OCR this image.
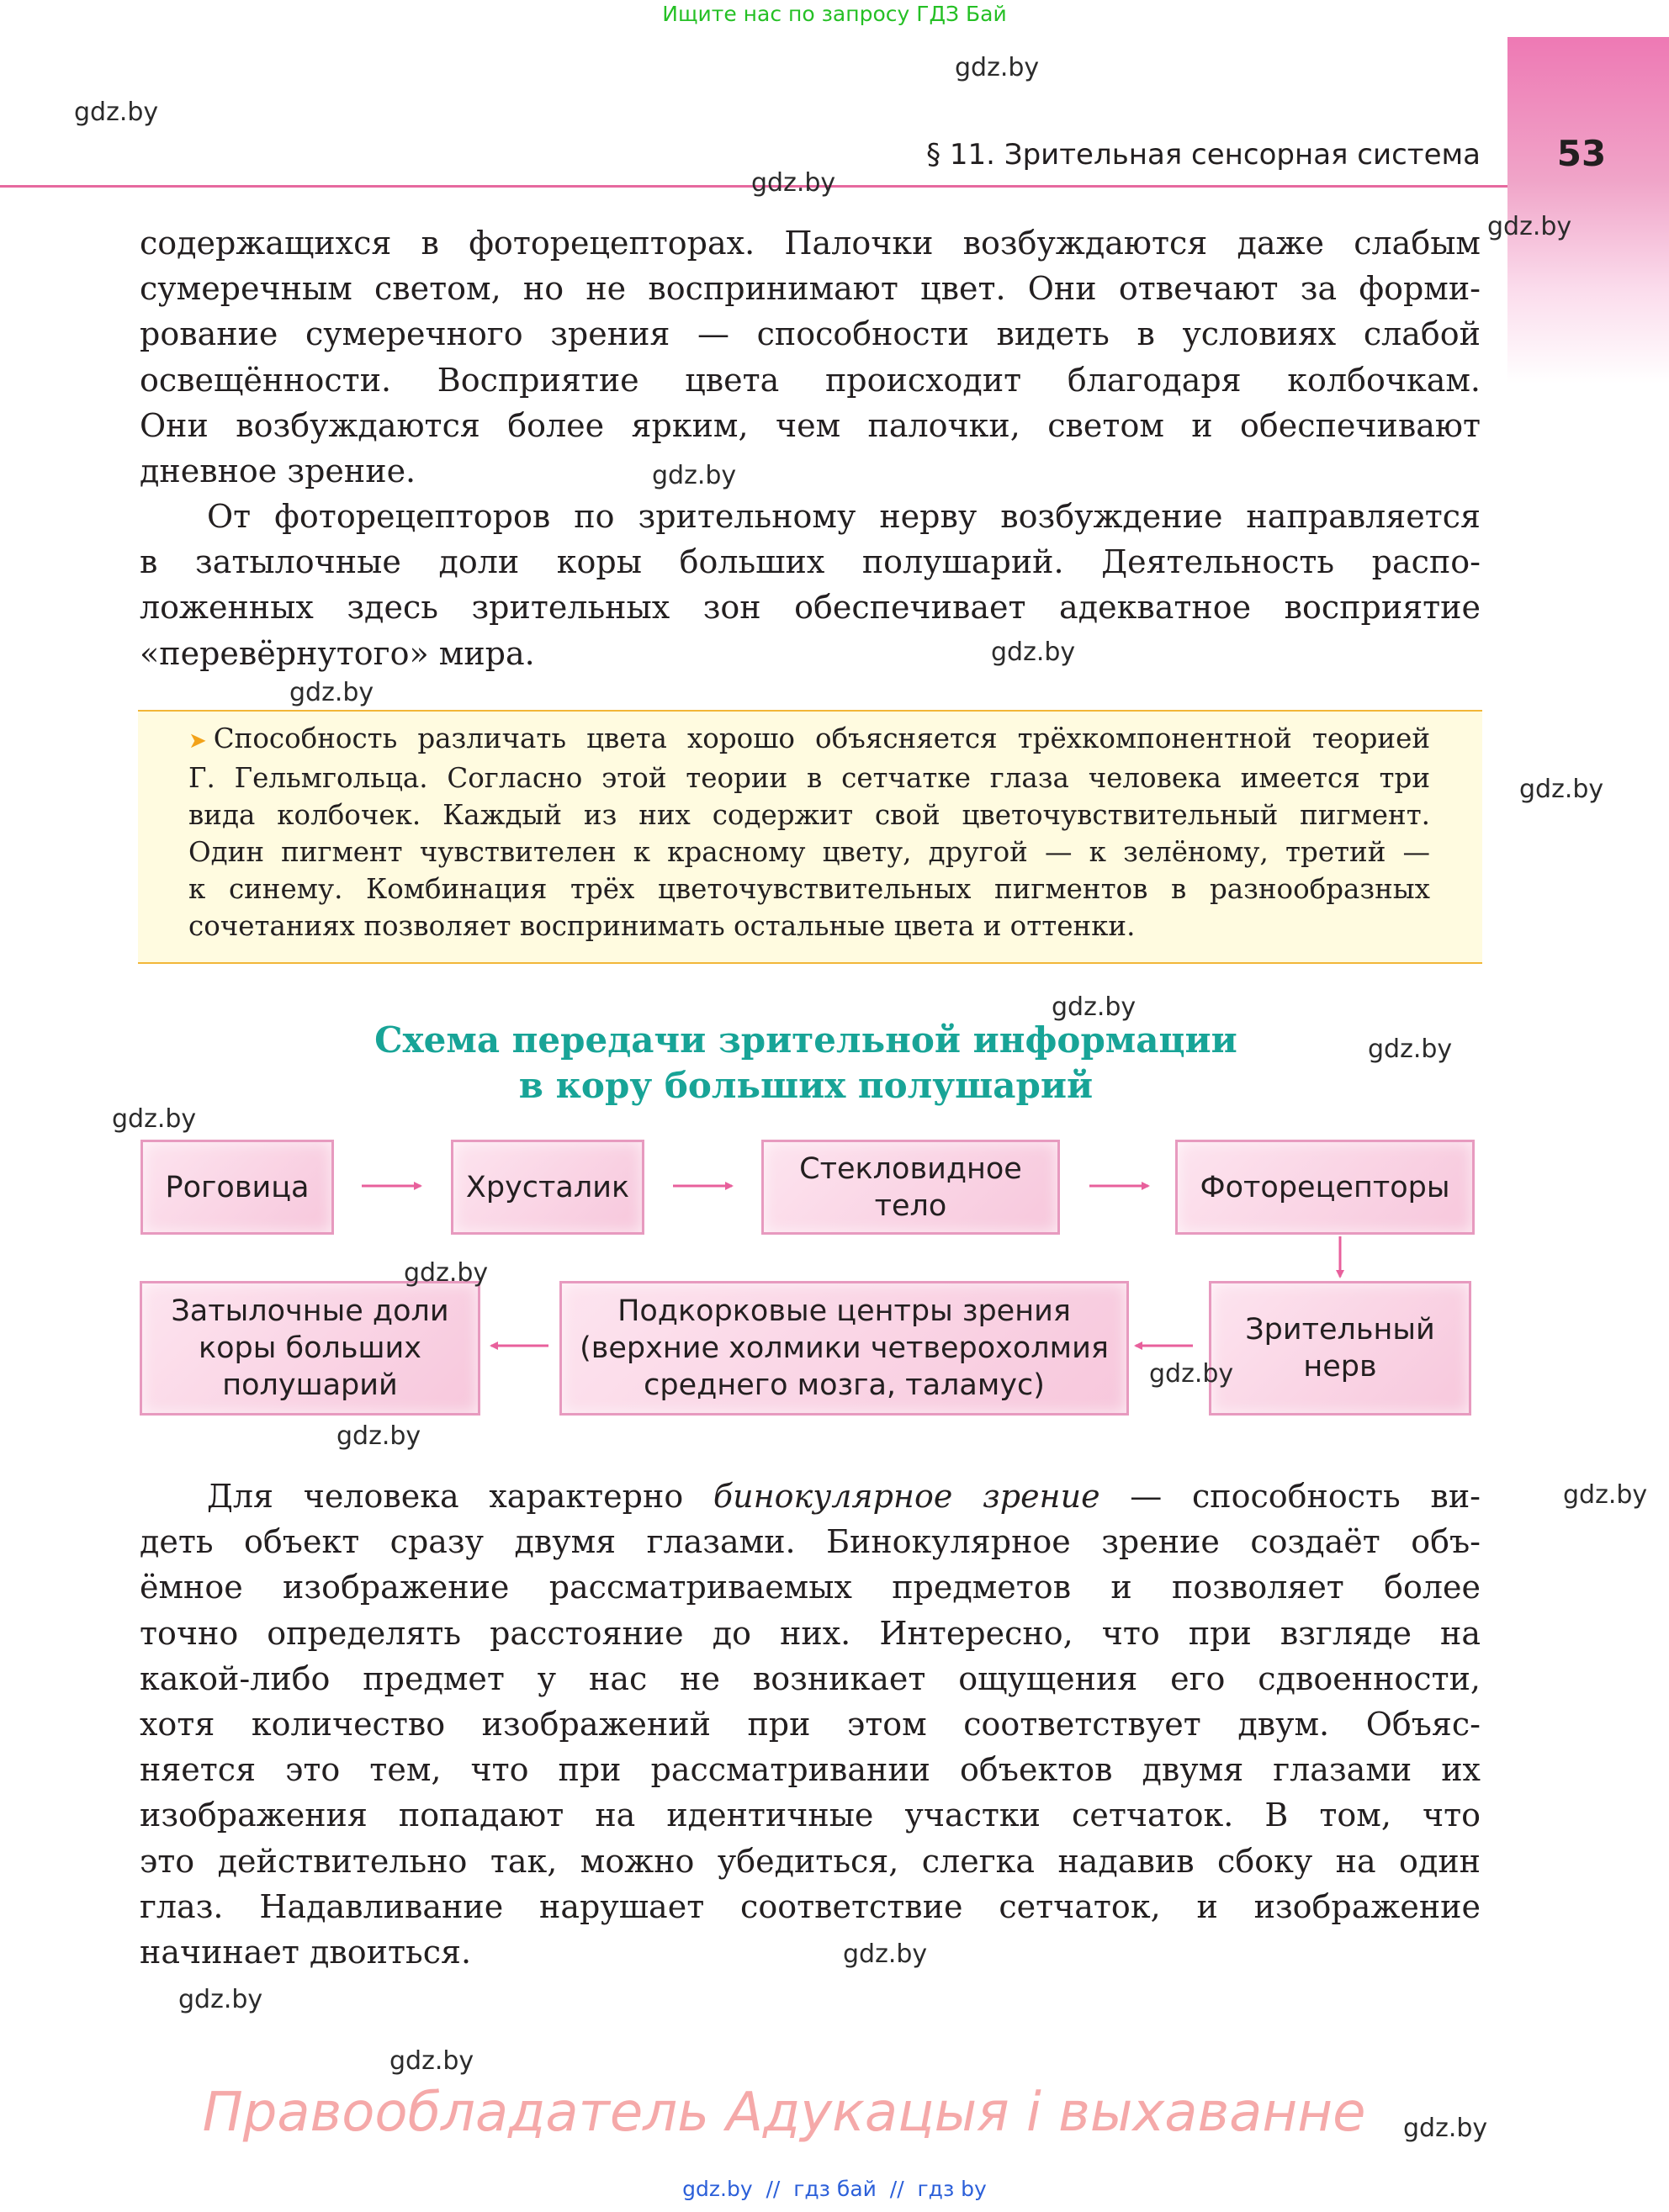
Ищите нас по запросу ГДЗ Бай
53
§ 11. Зрительная сенсорная система
содержащихся в фоторецепторах. Палочки возбуждаются даже слабым
сумеречным светом, но не воспринимают цвет. Они отвечают за форми-
рование сумеречного зрения — способности видеть в условиях слабой
освещённости. Восприятие цвета происходит благодаря колбочкам.
Они возбуждаются более ярким, чем палочки, светом и обеспечивают
дневное зрение.
От фоторецепторов по зрительному нерву возбуждение направляется
в затылочные доли коры больших полушарий. Деятельность распо-
ложенных здесь зрительных зон обеспечивает адекватное восприятие
«перевёрнутого» мира.
➤ Способность различать цвета хорошо объясняется трёхкомпонентной теорией
Г. Гельмгольца. Согласно этой теории в сетчатке глаза человека имеется три
вида колбочек. Каждый из них содержит свой цветочувствительный пигмент.
Один пигмент чувствителен к красному цвету, другой — к зелёному, третий —
к синему. Комбинация трёх цветочувствительных пигментов в разнообразных
сочетаниях позволяет воспринимать остальные цвета и оттенки.
Схема передачи зрительной информации
в кору больших полушарий
Роговица	Хрусталик
Стекловидное
тело
Фоторецепторы
Зрительный
нерв
Подкорковые центры зрения
(верхние холмики четверохолмия
среднего мозга, таламус)
Затылочные доли
коры больших
полушарий
Для человека характерно бинокулярное зрение — способность ви-
деть объект сразу двумя глазами. Бинокулярное зрение создаёт объ-
ёмное изображение рассматриваемых предметов и позволяет более
точно определять расстояние до них. Интересно, что при взгляде на
какой-либо предмет у нас не возникает ощущения его сдвоенности,
хотя количество изображений при этом соответствует двум. Объяс-
няется это тем, что при рассматривании объектов двумя глазами их
изображения попадают на идентичные участки сетчаток. В том, что
это действительно так, можно убедиться, слегка надавив сбоку на один
глаз. Надавливание нарушает соответствие сетчаток, и изображение
начинает двоиться.
gdz.by
gdz.by
gdz.by
gdz.by
gdz.by
gdz.by
gdz.by
gdz.by
gdz.by
gdz.by
gdz.by
gdz.by
gdz.by
gdz.by
gdz.by
gdz.by
gdz.by
gdz.by
gdz.by
Правообладатель Адукацыя і выхаванне
gdz.by  //  гдз бай  //  гдз by
